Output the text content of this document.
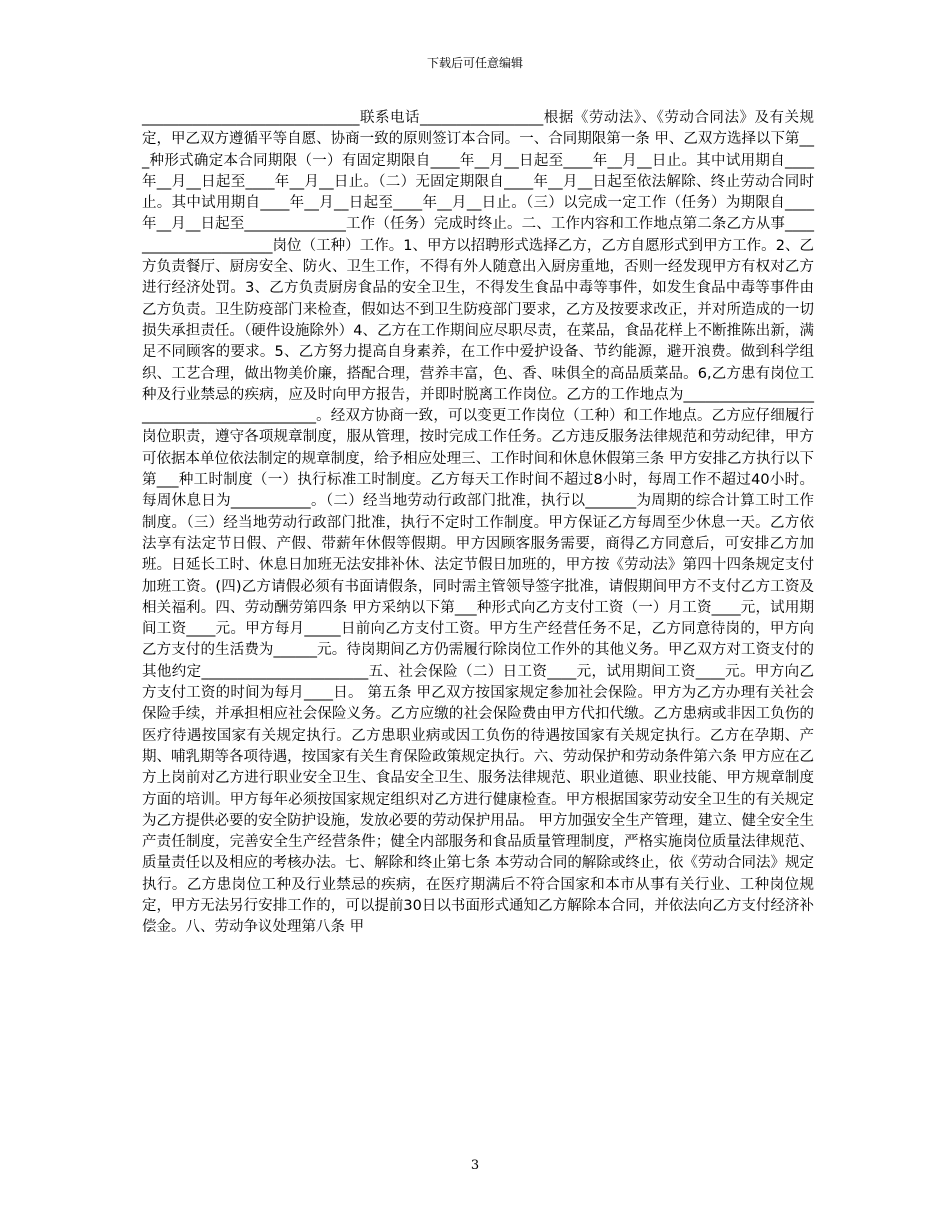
下载后可任意编辑

______________________________联系电话_________________根据《劳动法》、《劳动合同法》及有关规定，甲乙双方遵循平等自愿、协商一致的原则签订本合同。一、合同期限第一条 甲、乙双方选择以下第___种形式确定本合同期限（一）有固定期限自____年__月__日起至____年__月__日止。其中试用期自____年__月__日起至____年__月__日止。（二）无固定期限自____年__月__日起至依法解除、终止劳动合同时止。其中试用期自____年__月__日起至____年__月__日止。（三）以完成一定工作（任务）为期限自____年__月__日起至______________工作（任务）完成时终止。二、工作内容和工作地点第二条乙方从事______________________岗位（工种）工作。1、甲方以招聘形式选择乙方，乙方自愿形式到甲方工作。2、乙方负责餐厅、厨房安全、防火、卫生工作，不得有外人随意出入厨房重地，否则一经发现甲方有权对乙方进行经济处罚。3、乙方负责厨房食品的安全卫生，不得发生食品中毒等事件，如发生食品中毒等事件由乙方负责。卫生防疫部门来检查，假如达不到卫生防疫部门要求，乙方及按要求改正，并对所造成的一切损失承担责任。（硬件设施除外）4、乙方在工作期间应尽职尽责，在菜品，食品花样上不断推陈出新，满足不同顾客的要求。5、乙方努力提高自身素养，在工作中爱护设备、节约能源，避开浪费。做到科学组织、工艺合理，做出物美价廉，搭配合理，营养丰富，色、香、味俱全的高品质菜品。6,乙方患有岗位工种及行业禁忌的疾病，应及时向甲方报告，并即时脱离工作岗位。乙方的工作地点为__________________________________________。经双方协商一致，可以变更工作岗位（工种）和工作地点。乙方应仔细履行岗位职责，遵守各项规章制度，服从管理，按时完成工作任务。乙方违反服务法律规范和劳动纪律，甲方可依据本单位依法制定的规章制度，给予相应处理三、工作时间和休息休假第三条 甲方安排乙方执行以下第___种工时制度（一）执行标准工时制度。乙方每天工作时间不超过8小时，每周工作不超过40小时。每周休息日为___________。（二）经当地劳动行政部门批准，执行以_______为周期的综合计算工时工作制度。（三）经当地劳动行政部门批准，执行不定时工作制度。甲方保证乙方每周至少休息一天。乙方依法享有法定节日假、产假、带薪年休假等假期。甲方因顾客服务需要，商得乙方同意后，可安排乙方加班。日延长工时、休息日加班无法安排补休、法定节假日加班的，甲方按《劳动法》第四十四条规定支付加班工资。(四)乙方请假必须有书面请假条，同时需主管领导签字批准，请假期间甲方不支付乙方工资及相关福利。四、劳动酬劳第四条 甲方采纳以下第___种形式向乙方支付工资（一）月工资____元，试用期间工资____元。甲方每月_____日前向乙方支付工资。甲方生产经营任务不足，乙方同意待岗的，甲方向乙方支付的生活费为______元。待岗期间乙方仍需履行除岗位工作外的其他义务。甲乙双方对工资支付的其他约定_______________________五、社会保险（二）日工资____元，试用期间工资____元。甲方向乙方支付工资的时间为每月____日。 第五条 甲乙双方按国家规定参加社会保险。甲方为乙方办理有关社会保险手续，并承担相应社会保险义务。乙方应缴的社会保险费由甲方代扣代缴。乙方患病或非因工负伤的医疗待遇按国家有关规定执行。乙方患职业病或因工负伤的待遇按国家有关规定执行。乙方在孕期、产期、哺乳期等各项待遇，按国家有关生育保险政策规定执行。六、劳动保护和劳动条件第六条 甲方应在乙方上岗前对乙方进行职业安全卫生、食品安全卫生、服务法律规范、职业道德、职业技能、甲方规章制度方面的培训。甲方每年必须按国家规定组织对乙方进行健康检查。甲方根据国家劳动安全卫生的有关规定为乙方提供必要的安全防护设施，发放必要的劳动保护用品。 甲方加强安全生产管理，建立、健全安全生产责任制度，完善安全生产经营条件；健全内部服务和食品质量管理制度，严格实施岗位质量法律规范、质量责任以及相应的考核办法。七、解除和终止第七条 本劳动合同的解除或终止，依《劳动合同法》规定执行。乙方患岗位工种及行业禁忌的疾病，在医疗期满后不符合国家和本市从事有关行业、工种岗位规定，甲方无法另行安排工作的，可以提前30日以书面形式通知乙方解除本合同，并依法向乙方支付经济补偿金。八、劳动争议处理第八条 甲

3
